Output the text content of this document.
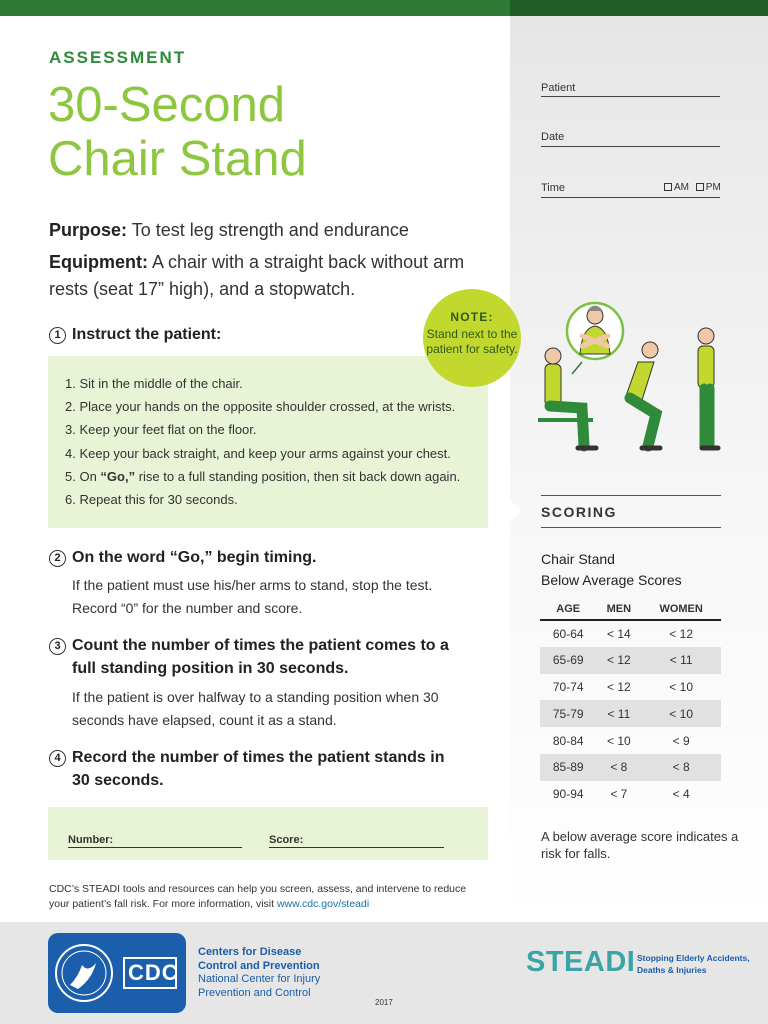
ASSESSMENT
30-Second
Chair Stand
Purpose: To test leg strength and endurance
Equipment: A chair with a straight back without arm rests (seat 17” high), and a stopwatch.
1 Instruct the patient:
1. Sit in the middle of the chair.
2. Place your hands on the opposite shoulder crossed, at the wrists.
3. Keep your feet flat on the floor.
4. Keep your back straight, and keep your arms against your chest.
5. On “Go,” rise to a full standing position, then sit back down again.
6. Repeat this for 30 seconds.
NOTE:
Stand next to the patient for safety.
2 On the word “Go,” begin timing.
If the patient must use his/her arms to stand, stop the test. Record “0” for the number and score.
3 Count the number of times the patient comes to a full standing position in 30 seconds.
If the patient is over halfway to a standing position when 30 seconds have elapsed, count it as a stand.
4 Record the number of times the patient stands in 30 seconds.
Number:	Score:
Patient
Date
Time	AM PM
SCORING
Chair Stand
Below Average Scores
AGE	MEN	WOMEN
60-64	< 14	< 12
65-69	< 12	< 11
70-74	< 12	< 10
75-79	< 11	< 10
80-84	< 10	< 9
85-89	< 8	< 8
90-94	< 7	< 4
A below average score indicates a risk for falls.
CDC’s STEADI tools and resources can help you screen, assess, and intervene to reduce your patient’s fall risk. For more information, visit www.cdc.gov/steadi
CDC
Centers for Disease
Control and Prevention
National Center for Injury
Prevention and Control
2017
STEADI Stopping Elderly Accidents,
Deaths & Injuries
